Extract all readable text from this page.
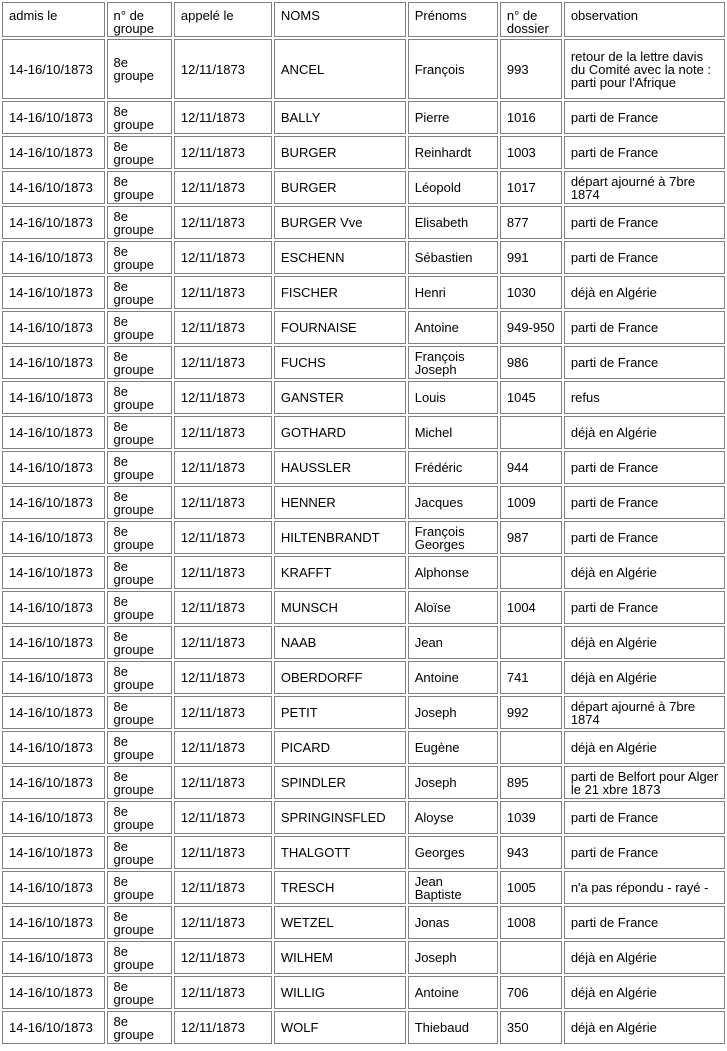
admis le	n° de groupe	appelé le	NOMS	Prénoms	n° de dossier	observation
14-16/10/1873	8e groupe	12/11/1873	ANCEL	François	993	retour de la lettre davis du Comité avec la note : parti pour l'Afrique
14-16/10/1873	8e groupe	12/11/1873	BALLY	Pierre	1016	parti de France
14-16/10/1873	8e groupe	12/11/1873	BURGER	Reinhardt	1003	parti de France
14-16/10/1873	8e groupe	12/11/1873	BURGER	Léopold	1017	départ ajourné à 7bre 1874
14-16/10/1873	8e groupe	12/11/1873	BURGER Vve	Elisabeth	877	parti de France
14-16/10/1873	8e groupe	12/11/1873	ESCHENN	Sébastien	991	parti de France
14-16/10/1873	8e groupe	12/11/1873	FISCHER	Henri	1030	déjà en Algérie
14-16/10/1873	8e groupe	12/11/1873	FOURNAISE	Antoine	949-950	parti de France
14-16/10/1873	8e groupe	12/11/1873	FUCHS	François Joseph	986	parti de France
14-16/10/1873	8e groupe	12/11/1873	GANSTER	Louis	1045	refus
14-16/10/1873	8e groupe	12/11/1873	GOTHARD	Michel		déjà en Algérie
14-16/10/1873	8e groupe	12/11/1873	HAUSSLER	Frédéric	944	parti de France
14-16/10/1873	8e groupe	12/11/1873	HENNER	Jacques	1009	parti de France
14-16/10/1873	8e groupe	12/11/1873	HILTENBRANDT	François Georges	987	parti de France
14-16/10/1873	8e groupe	12/11/1873	KRAFFT	Alphonse		déjà en Algérie
14-16/10/1873	8e groupe	12/11/1873	MUNSCH	Aloïse	1004	parti de France
14-16/10/1873	8e groupe	12/11/1873	NAAB	Jean		déjà en Algérie
14-16/10/1873	8e groupe	12/11/1873	OBERDORFF	Antoine	741	déjà en Algérie
14-16/10/1873	8e groupe	12/11/1873	PETIT	Joseph	992	départ ajourné à 7bre 1874
14-16/10/1873	8e groupe	12/11/1873	PICARD	Eugène		déjà en Algérie
14-16/10/1873	8e groupe	12/11/1873	SPINDLER	Joseph	895	parti de Belfort pour Alger le 21 xbre 1873
14-16/10/1873	8e groupe	12/11/1873	SPRINGINSFLED	Aloyse	1039	parti de France
14-16/10/1873	8e groupe	12/11/1873	THALGOTT	Georges	943	parti de France
14-16/10/1873	8e groupe	12/11/1873	TRESCH	Jean Baptiste	1005	n'a pas répondu - rayé -
14-16/10/1873	8e groupe	12/11/1873	WETZEL	Jonas	1008	parti de France
14-16/10/1873	8e groupe	12/11/1873	WILHEM	Joseph		déjà en Algérie
14-16/10/1873	8e groupe	12/11/1873	WILLIG	Antoine	706	déjà en Algérie
14-16/10/1873	8e groupe	12/11/1873	WOLF	Thiebaud	350	déjà en Algérie
